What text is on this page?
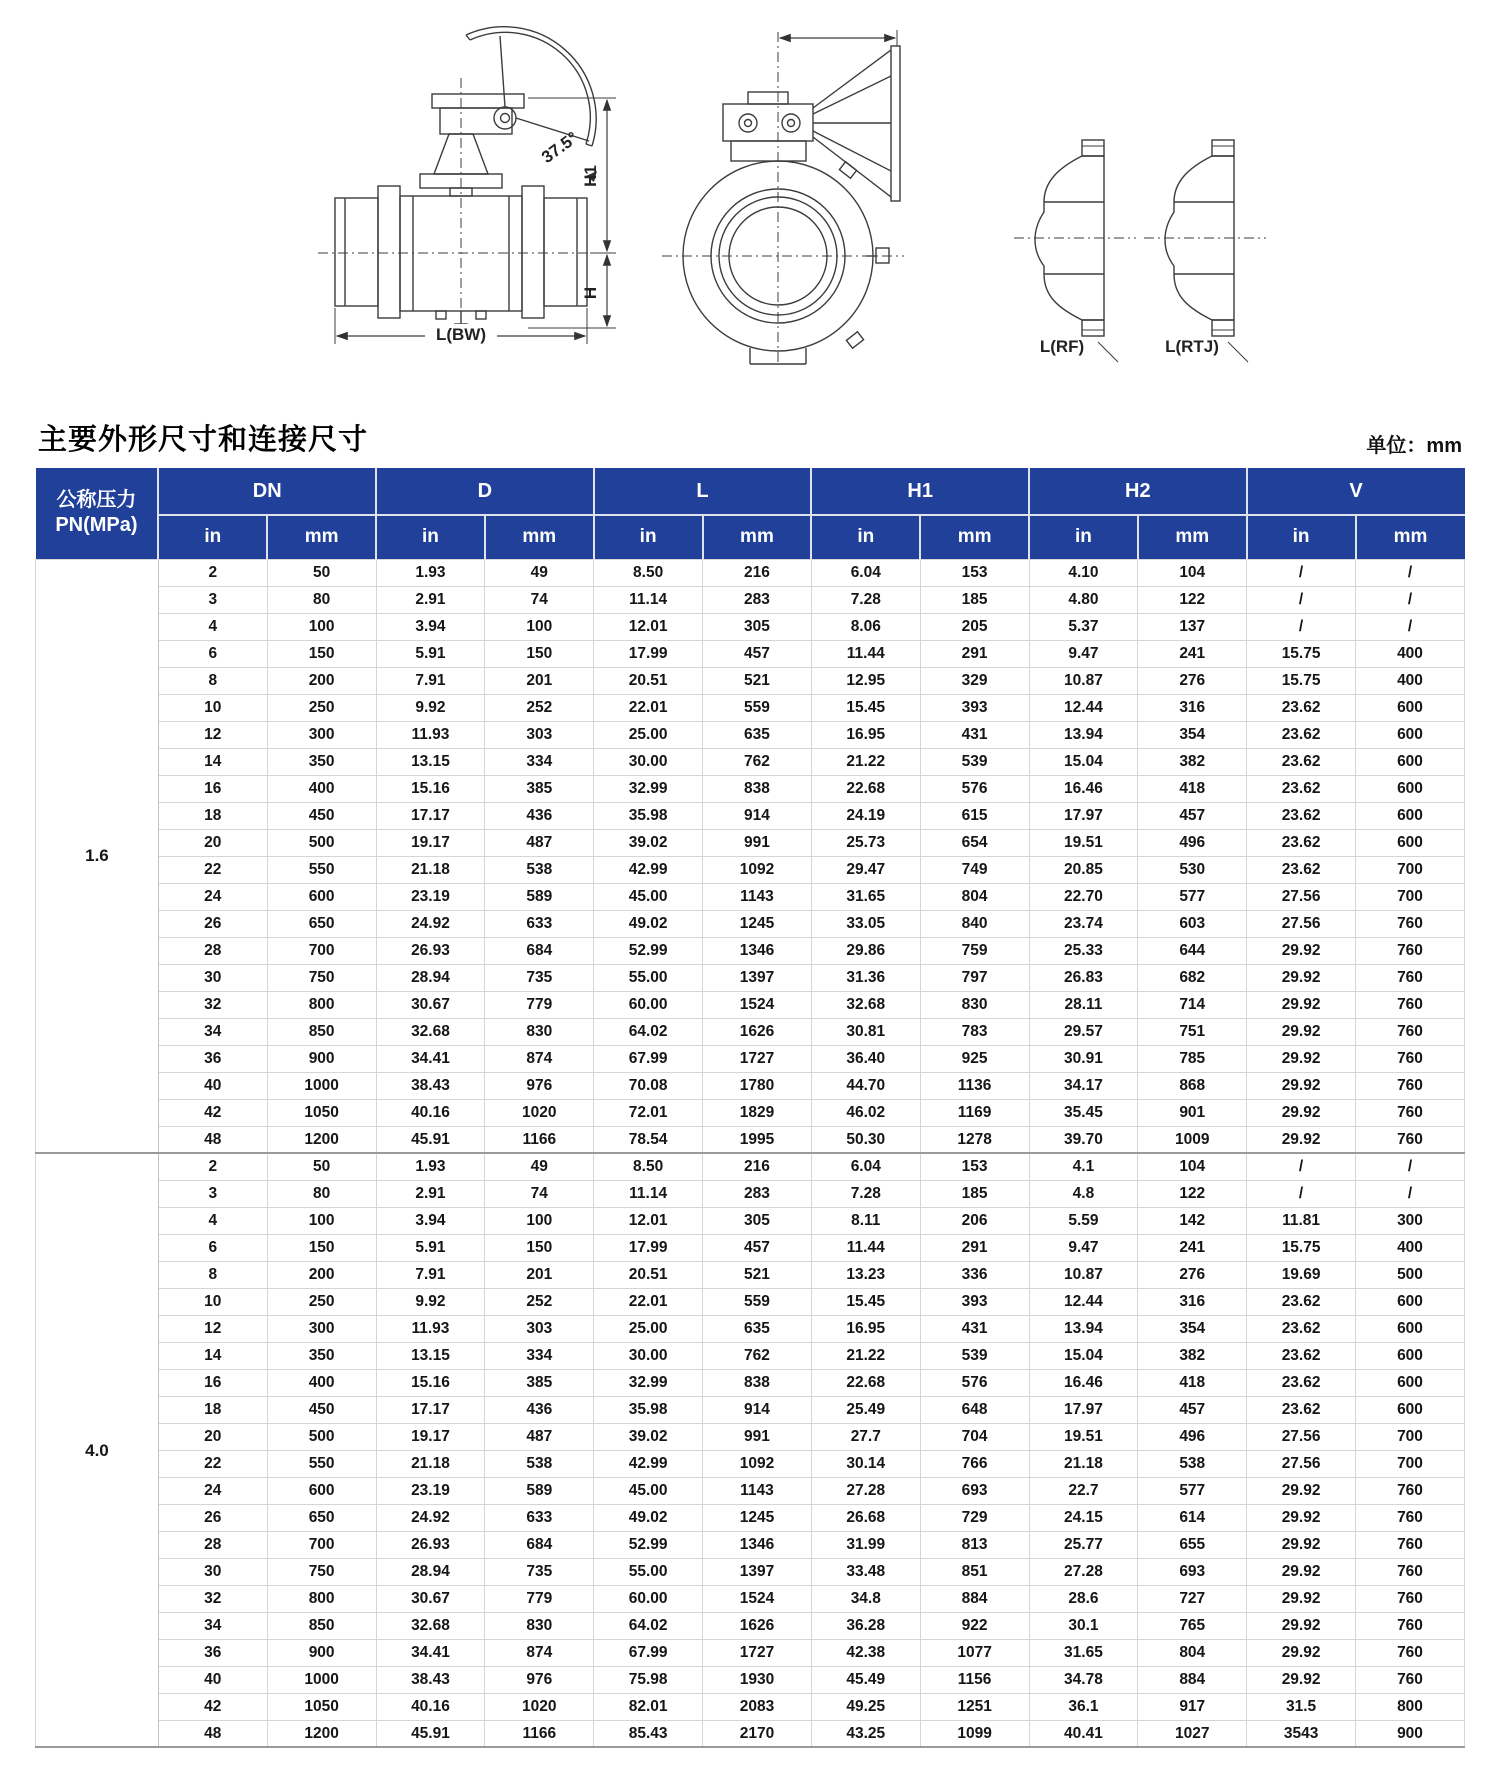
37.5°
L(BW)
H1
H
L(RF)	L(RTJ)
主要外形尺寸和连接尺寸	单位：mm
公称压力
PN(MPa)	DN		D		L		H1		H2		V	
	in	mm	in	mm	in	mm	in	mm	in	mm	in	mm
1.6	2	50	1.93	49	8.50	216	6.04	153	4.10	104	/	/
	3	80	2.91	74	11.14	283	7.28	185	4.80	122	/	/
	4	100	3.94	100	12.01	305	8.06	205	5.37	137	/	/
	6	150	5.91	150	17.99	457	11.44	291	9.47	241	15.75	400
	8	200	7.91	201	20.51	521	12.95	329	10.87	276	15.75	400
	10	250	9.92	252	22.01	559	15.45	393	12.44	316	23.62	600
	12	300	11.93	303	25.00	635	16.95	431	13.94	354	23.62	600
	14	350	13.15	334	30.00	762	21.22	539	15.04	382	23.62	600
	16	400	15.16	385	32.99	838	22.68	576	16.46	418	23.62	600
	18	450	17.17	436	35.98	914	24.19	615	17.97	457	23.62	600
	20	500	19.17	487	39.02	991	25.73	654	19.51	496	23.62	600
	22	550	21.18	538	42.99	1092	29.47	749	20.85	530	23.62	700
	24	600	23.19	589	45.00	1143	31.65	804	22.70	577	27.56	700
	26	650	24.92	633	49.02	1245	33.05	840	23.74	603	27.56	760
	28	700	26.93	684	52.99	1346	29.86	759	25.33	644	29.92	760
	30	750	28.94	735	55.00	1397	31.36	797	26.83	682	29.92	760
	32	800	30.67	779	60.00	1524	32.68	830	28.11	714	29.92	760
	34	850	32.68	830	64.02	1626	30.81	783	29.57	751	29.92	760
	36	900	34.41	874	67.99	1727	36.40	925	30.91	785	29.92	760
	40	1000	38.43	976	70.08	1780	44.70	1136	34.17	868	29.92	760
	42	1050	40.16	1020	72.01	1829	46.02	1169	35.45	901	29.92	760
	48	1200	45.91	1166	78.54	1995	50.30	1278	39.70	1009	29.92	760
4.0	2	50	1.93	49	8.50	216	6.04	153	4.1	104	/	/
	3	80	2.91	74	11.14	283	7.28	185	4.8	122	/	/
	4	100	3.94	100	12.01	305	8.11	206	5.59	142	11.81	300
	6	150	5.91	150	17.99	457	11.44	291	9.47	241	15.75	400
	8	200	7.91	201	20.51	521	13.23	336	10.87	276	19.69	500
	10	250	9.92	252	22.01	559	15.45	393	12.44	316	23.62	600
	12	300	11.93	303	25.00	635	16.95	431	13.94	354	23.62	600
	14	350	13.15	334	30.00	762	21.22	539	15.04	382	23.62	600
	16	400	15.16	385	32.99	838	22.68	576	16.46	418	23.62	600
	18	450	17.17	436	35.98	914	25.49	648	17.97	457	23.62	600
	20	500	19.17	487	39.02	991	27.7	704	19.51	496	27.56	700
	22	550	21.18	538	42.99	1092	30.14	766	21.18	538	27.56	700
	24	600	23.19	589	45.00	1143	27.28	693	22.7	577	29.92	760
	26	650	24.92	633	49.02	1245	26.68	729	24.15	614	29.92	760
	28	700	26.93	684	52.99	1346	31.99	813	25.77	655	29.92	760
	30	750	28.94	735	55.00	1397	33.48	851	27.28	693	29.92	760
	32	800	30.67	779	60.00	1524	34.8	884	28.6	727	29.92	760
	34	850	32.68	830	64.02	1626	36.28	922	30.1	765	29.92	760
	36	900	34.41	874	67.99	1727	42.38	1077	31.65	804	29.92	760
	40	1000	38.43	976	75.98	1930	45.49	1156	34.78	884	29.92	760
	42	1050	40.16	1020	82.01	2083	49.25	1251	36.1	917	31.5	800
	48	1200	45.91	1166	85.43	2170	43.25	1099	40.41	1027	3543	900
